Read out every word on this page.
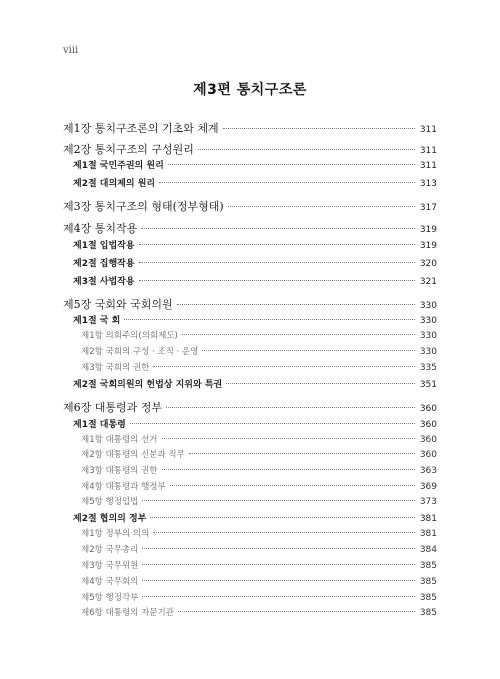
viii
제3편 통치구조론
제1장 통치구조론의 기초와 체계	311
제2장 통치구조의 구성원리	311
제1절 국민주권의 원리	311
제2절 대의제의 원리	313
제3장 통치구조의 형태(정부형태)	317
제4장 통치작용	319
제1절 입법작용	319
제2절 집행작용	320
제3절 사법작용	321
제5장 국회와 국회의원	330
제1절 국 회	330
제1항 의회주의(의회제도)	330
제2항 국회의 구성 · 조직 · 운영	330
제3항 국회의 권한	335
제2절 국회의원의 헌법상 지위와 특권	351
제6장 대통령과 정부	360
제1절 대통령	360
제1항 대통령의 선거	360
제2항 대통령의 신분과 직무	360
제3항 대통령의 권한	363
제4항 대통령과 행정부	369
제5항 행정입법	373
제2절 협의의 정부	381
제1항 정부의 의의	381
제2항 국무총리	384
제3항 국무위원	385
제4항 국무회의	385
제5항 행정각부	385
제6항 대통령의 자문기관	385
